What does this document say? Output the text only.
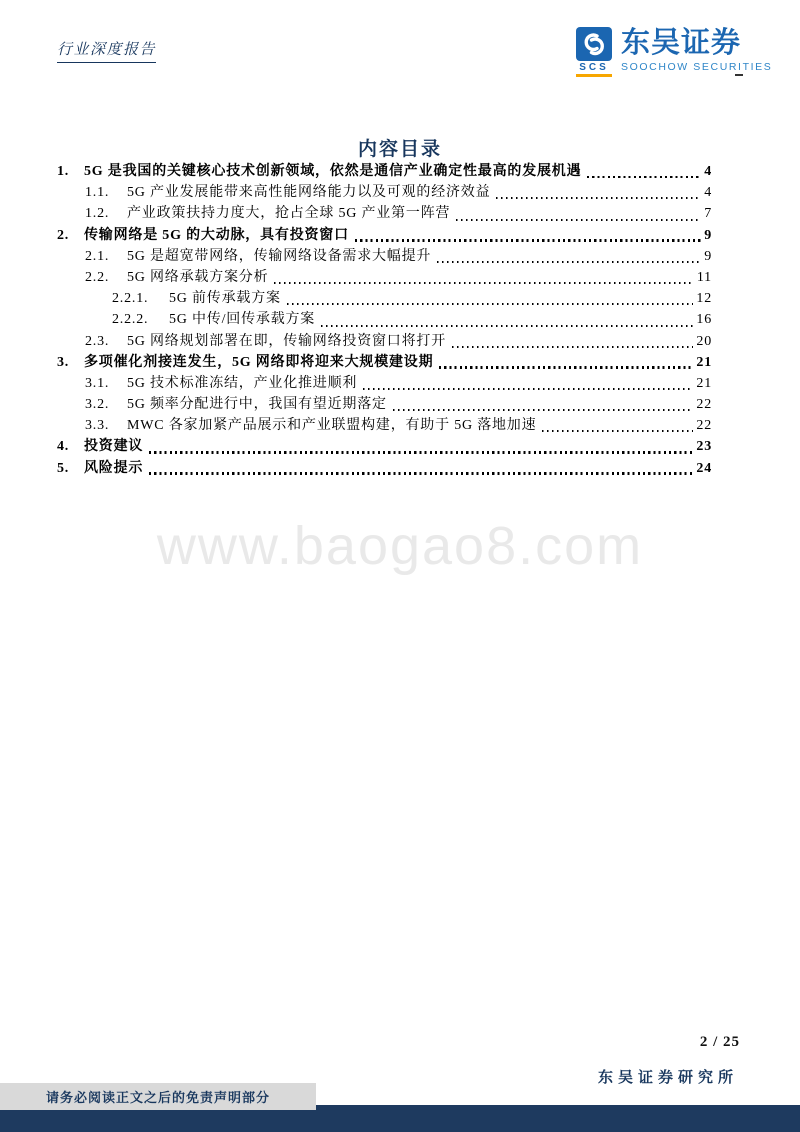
行业深度报告
SCS
东吴证券
SOOCHOW SECURITIES
内容目录
1.	5G 是我国的关键核心技术创新领域，依然是通信产业确定性最高的发展机遇	4
1.1.	5G 产业发展能带来高性能网络能力以及可观的经济效益	4
1.2.	产业政策扶持力度大，抢占全球 5G 产业第一阵营	7
2.	传输网络是 5G 的大动脉，具有投资窗口	9
2.1.	5G 是超宽带网络，传输网络设备需求大幅提升	9
2.2.	5G 网络承载方案分析	11
2.2.1.	5G 前传承载方案	12
2.2.2.	5G 中传/回传承载方案	16
2.3.	5G 网络规划部署在即，传输网络投资窗口将打开	20
3.	多项催化剂接连发生，5G 网络即将迎来大规模建设期	21
3.1.	5G 技术标准冻结，产业化推进顺利	21
3.2.	5G 频率分配进行中，我国有望近期落定	22
3.3.	MWC 各家加紧产品展示和产业联盟构建，有助于 5G 落地加速	22
4.	投资建议	23
5.	风险提示	24
www.baogao8.com
2 / 25
东吴证券研究所
请务必阅读正文之后的免责声明部分
